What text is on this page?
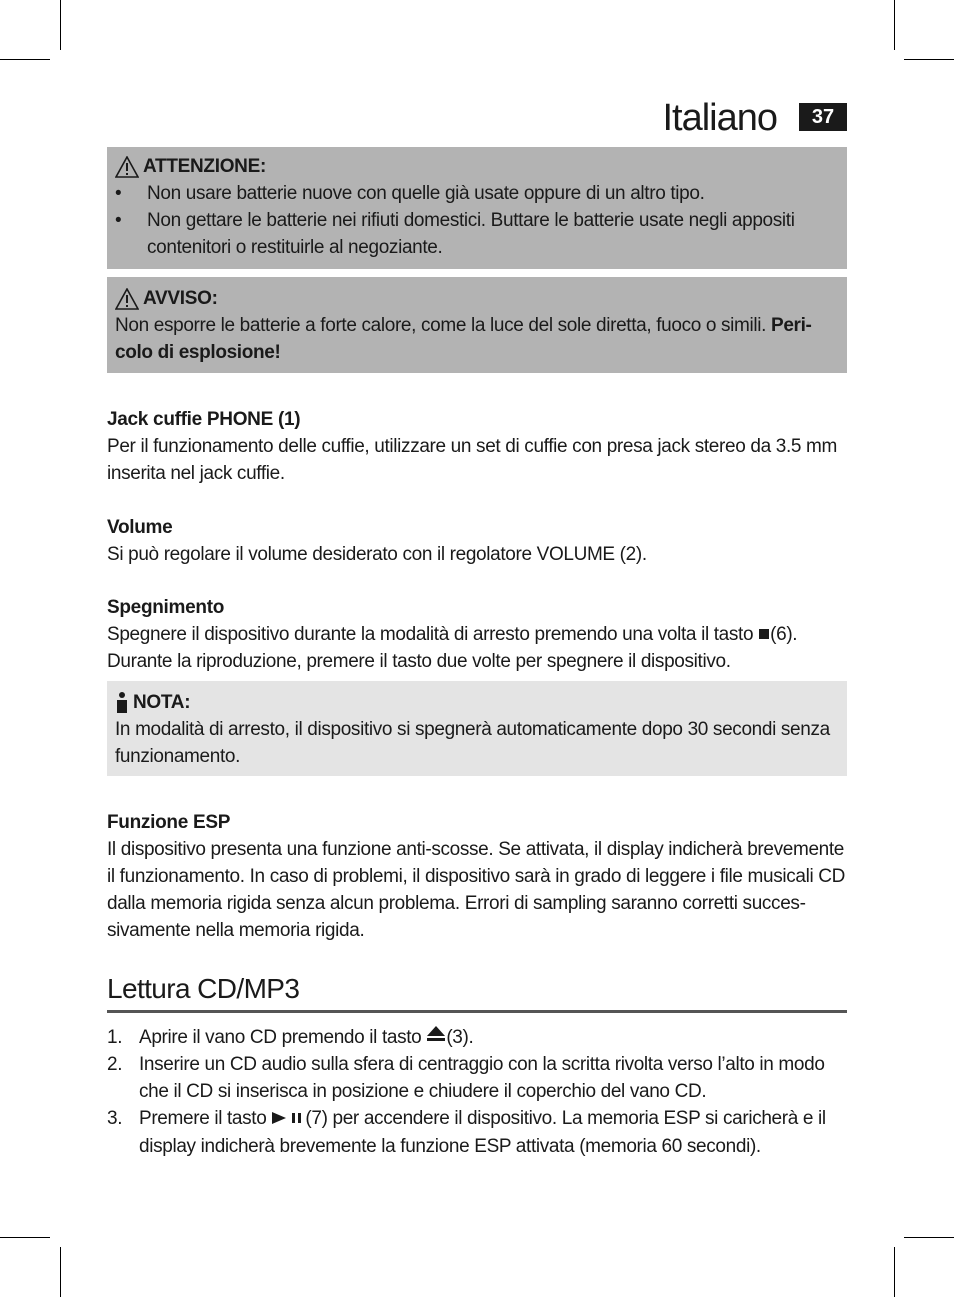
Italiano	37
ATTENZIONE:
• Non usare batterie nuove con quelle già usate oppure di un altro tipo.
• Non gettare le batterie nei rifiuti domestici. Buttare le batterie usate negli appositi contenitori o restituirle al negoziante.
AVVISO:
Non esporre le batterie a forte calore, come la luce del sole diretta, fuoco o simili. Peri- colo di esplosione!
Jack cuffie PHONE (1)
Per il funzionamento delle cuffie, utilizzare un set di cuffie con presa jack stereo da 3.5 mm inserita nel jack cuffie.
Volume
Si può regolare il volume desiderato con il regolatore VOLUME (2).
Spegnimento
Spegnere il dispositivo durante la modalità di arresto premendo una volta il tasto (6).
Durante la riproduzione, premere il tasto due volte per spegnere il dispositivo.
NOTA:
In modalità di arresto, il dispositivo si spegnerà automaticamente dopo 30 secondi senza funzionamento.
Funzione ESP
Il dispositivo presenta una funzione anti-scosse. Se attivata, il display indicherà brevemente il funzionamento. In caso di problemi, il dispositivo sarà in grado di leggere i file musicali CD dalla memoria rigida senza alcun problema. Errori di sampling saranno corretti succes- sivamente nella memoria rigida.
Lettura CD/MP3
1. Aprire il vano CD premendo il tasto (3).
2. Inserire un CD audio sulla sfera di centraggio con la scritta rivolta verso l’alto in modo che il CD si inserisca in posizione e chiudere il coperchio del vano CD.
3. Premere il tasto (7) per accendere il dispositivo. La memoria ESP si caricherà e il display indicherà brevemente la funzione ESP attivata (memoria 60 secondi).
